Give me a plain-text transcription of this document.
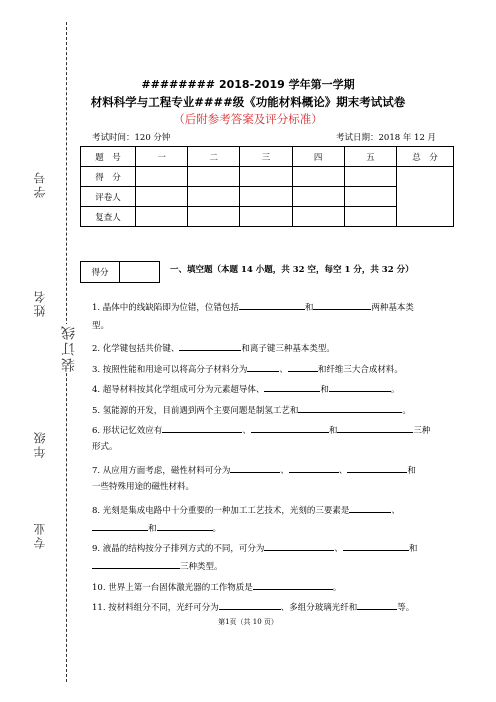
学号
姓名
装订线
年级
专业
######## 2018-2019 学年第一学期
材料科学与工程专业####级《功能材料概论》期末考试试卷
（后附参考答案及评分标准）
考试时间：120 分钟	考试日期：2018 年 12 月
题　号	一	二	三	四	五	总　分
得　分						
评卷人						
复查人						
得分	一、填空题（本题 14 小题，共 32 空，每空 1 分，共 32 分）
1. 晶体中的线缺陷即为位错，位错包括	和	两种基本类
型。
2. 化学键包括共价键、	和离子键三种基本类型。
3. 按照性能和用途可以将高分子材料分为	、	和纤维三大合成材料。
4. 超导材料按其化学组成可分为元素超导体、	和	。
5. 氢能源的开发，目前遇到两个主要问题是制氢工艺和	。
6. 形状记忆效应有	、	和	三种
形式。
7. 从应用方面考虑，磁性材料可分为	、	、	和
一些特殊用途的磁性材料。
8. 光刻是集成电路中十分重要的一种加工工艺技术，光刻的三要素是	、
和	。
9. 液晶的结构按分子排列方式的不同，可分为	、	和
三种类型。
10. 世界上第一台固体激光器的工作物质是	。
11. 按材料组分不同，光纤可分为	、多组分玻璃光纤和	等。
第1页（共 10 页）
